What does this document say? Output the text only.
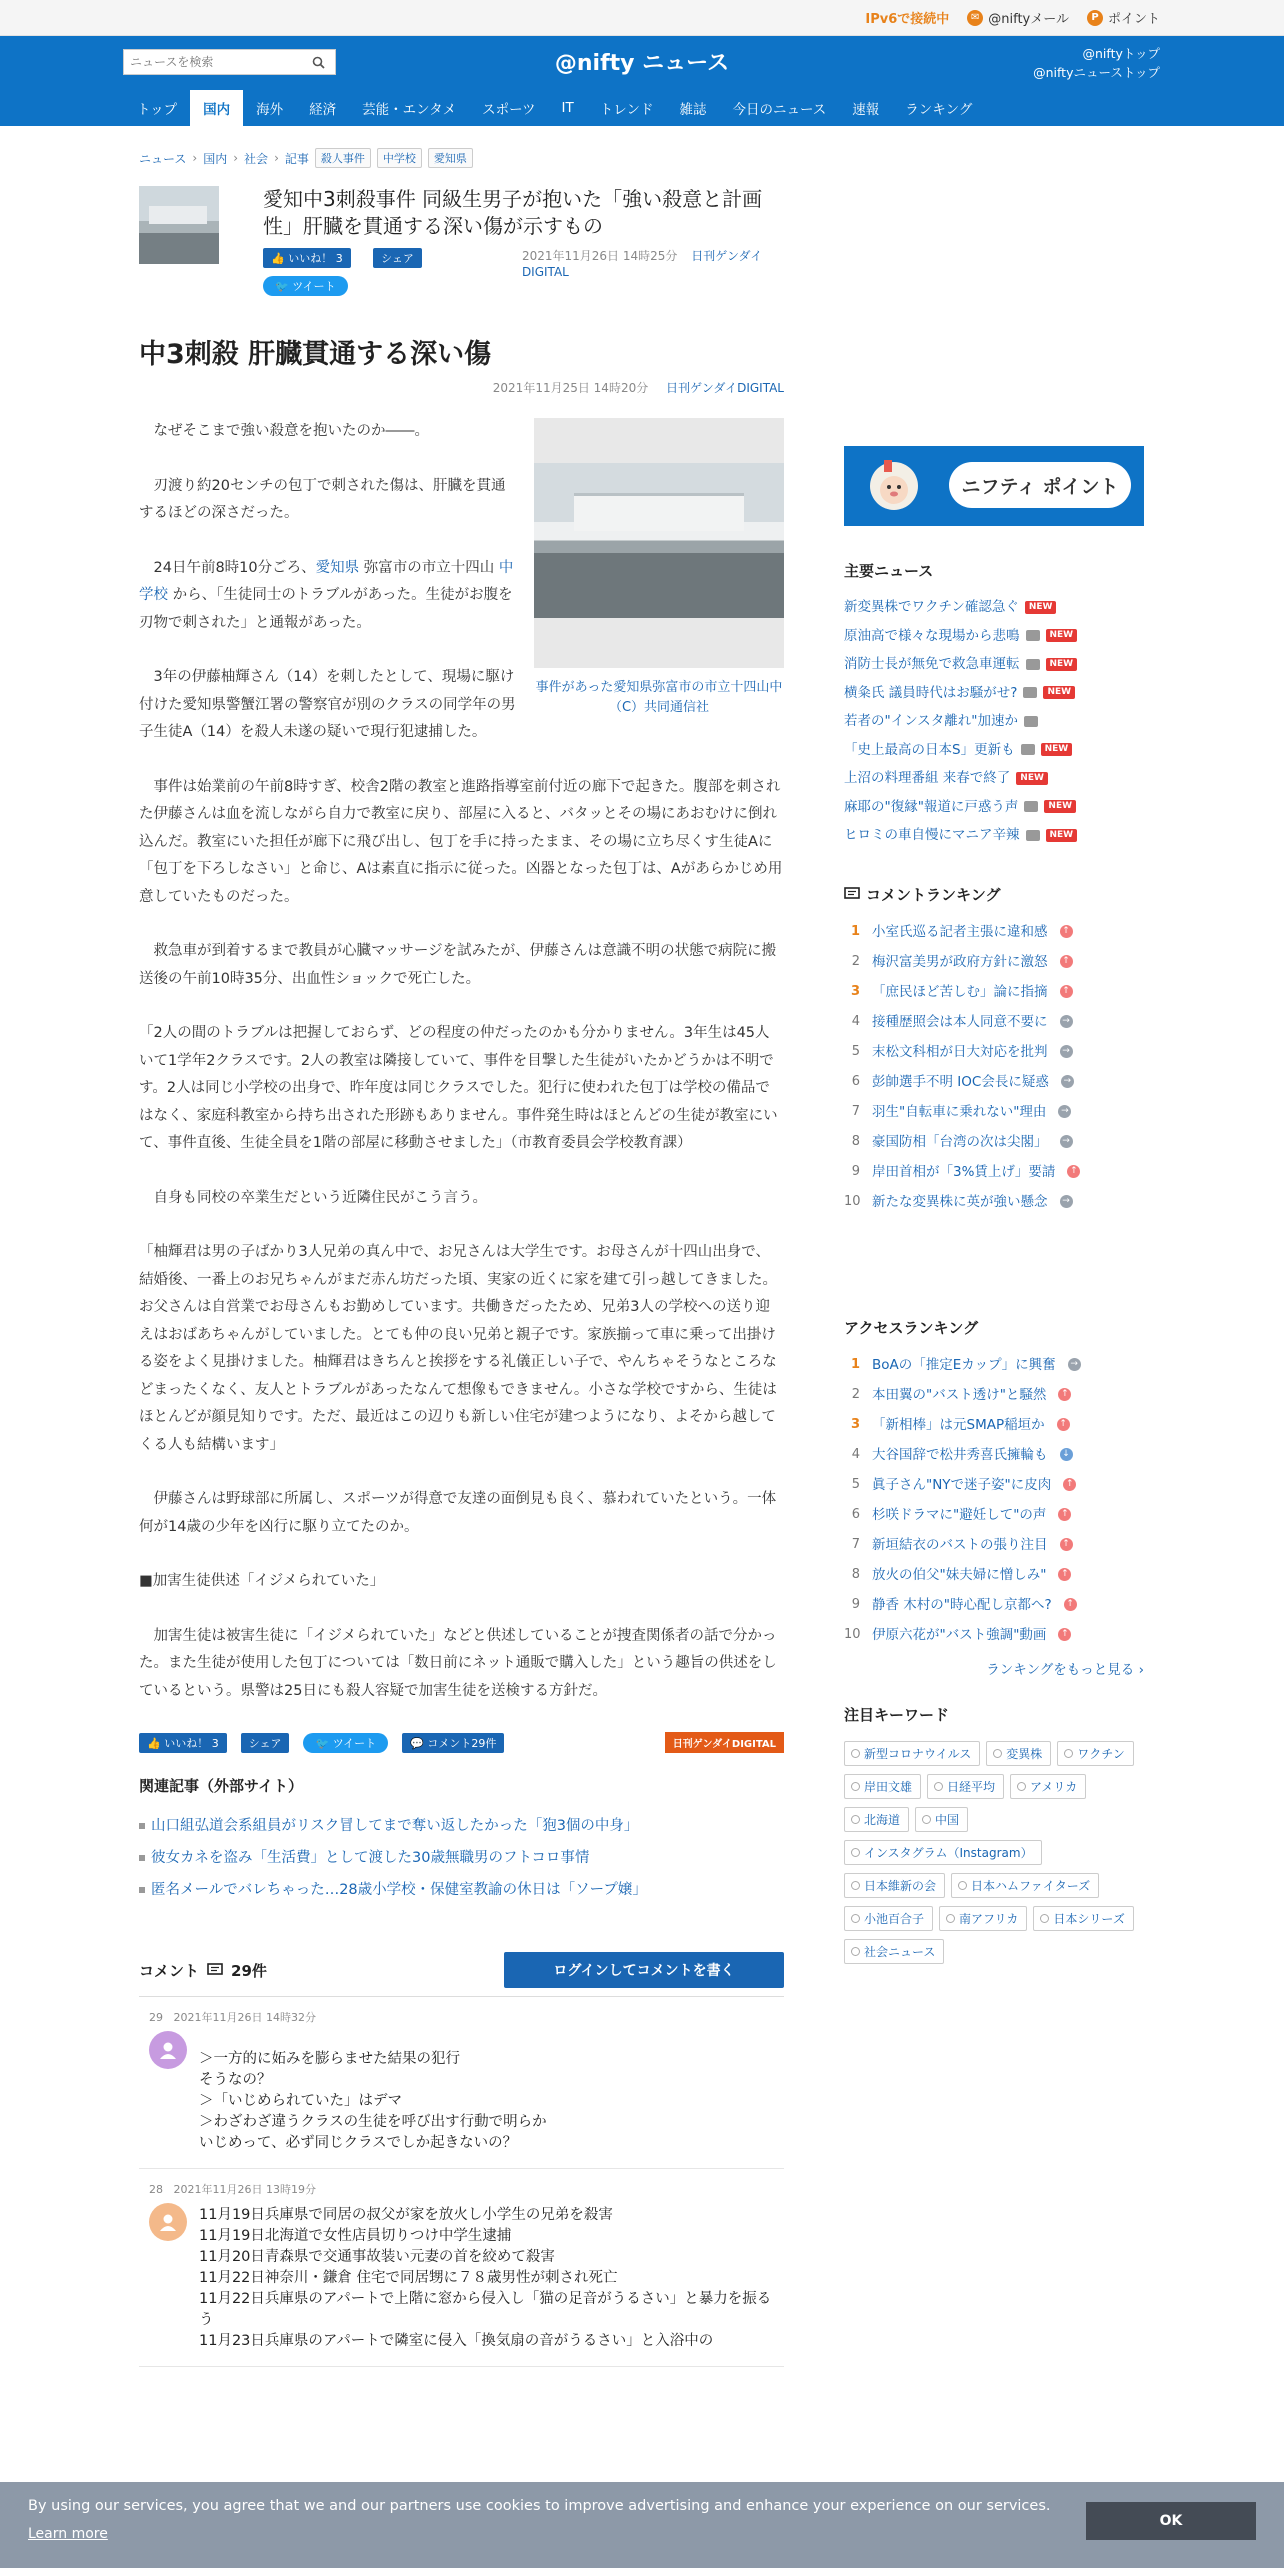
IPv6で接続中	✉ @niftyメール	P ポイント
ニュースを検索
@nifty ニュース	@niftyトップ
@niftyニューストップ
トップ	国内	海外	経済	芸能・エンタメ	スポーツ	IT	トレンド	雑誌	今日のニュース	速報	ランキング
ニュース › 国内 › 社会 › 記事	殺人事件	中学校	愛知県
愛知中3刺殺事件 同級生男子が抱いた「強い殺意と計画性」肝臓を貫通する深い傷が示すもの
👍 いいね！ 3	シェア
🐦 ツイート
2021年11月26日 14時25分 日刊ゲンダイDIGITAL
中3刺殺 肝臓貫通する深い傷
2021年11月25日 14時20分 日刊ゲンダイDIGITAL
事件があった愛知県弥富市の市立十四山中（C）共同通信社

 なぜそこまで強い殺意を抱いたのか――。

 刃渡り約20センチの包丁で刺された傷は、肝臓を貫通するほどの深さだった。

 24日午前8時10分ごろ、愛知県 弥富市の市立十四山 中学校 から、「生徒同士のトラブルがあった。生徒がお腹を刃物で刺された」と通報があった。

 3年の伊藤柚輝さん（14）を刺したとして、現場に駆け付けた愛知県警蟹江署の警察官が別のクラスの同学年の男子生徒A（14）を殺人未遂の疑いで現行犯逮捕した。

 事件は始業前の午前8時すぎ、校舎2階の教室と進路指導室前付近の廊下で起きた。腹部を刺された伊藤さんは血を流しながら自力で教室に戻り、部屋に入ると、バタッとその場にあおむけに倒れ込んだ。教室にいた担任が廊下に飛び出し、包丁を手に持ったまま、その場に立ち尽くす生徒Aに「包丁を下ろしなさい」と命じ、Aは素直に指示に従った。凶器となった包丁は、Aがあらかじめ用意していたものだった。

 救急車が到着するまで教員が心臓マッサージを試みたが、伊藤さんは意識不明の状態で病院に搬送後の午前10時35分、出血性ショックで死亡した。

「2人の間のトラブルは把握しておらず、どの程度の仲だったのかも分かりません。3年生は45人いて1学年2クラスです。2人の教室は隣接していて、事件を目撃した生徒がいたかどうかは不明です。2人は同じ小学校の出身で、昨年度は同じクラスでした。犯行に使われた包丁は学校の備品ではなく、家庭科教室から持ち出された形跡もありません。事件発生時はほとんどの生徒が教室にいて、事件直後、生徒全員を1階の部屋に移動させました」（市教育委員会学校教育課）

 自身も同校の卒業生だという近隣住民がこう言う。

「柚輝君は男の子ばかり3人兄弟の真ん中で、お兄さんは大学生です。お母さんが十四山出身で、結婚後、一番上のお兄ちゃんがまだ赤ん坊だった頃、実家の近くに家を建て引っ越してきました。お父さんは自営業でお母さんもお勤めしています。共働きだったため、兄弟3人の学校への送り迎えはおばあちゃんがしていました。とても仲の良い兄弟と親子です。家族揃って車に乗って出掛ける姿をよく見掛けました。柚輝君はきちんと挨拶をする礼儀正しい子で、やんちゃそうなところなどまったくなく、友人とトラブルがあったなんて想像もできません。小さな学校ですから、生徒はほとんどが顔見知りです。ただ、最近はこの辺りも新しい住宅が建つようになり、よそから越してくる人も結構います」

 伊藤さんは野球部に所属し、スポーツが得意で友達の面倒見も良く、慕われていたという。一体何が14歳の少年を凶行に駆り立てたのか。

■加害生徒供述「イジメられていた」

 加害生徒は被害生徒に「イジメられていた」などと供述していることが捜査関係者の話で分かった。また生徒が使用した包丁については「数日前にネット通販で購入した」という趣旨の供述をしているという。県警は25日にも殺人容疑で加害生徒を送検する方針だ。

👍 いいね！ 3	シェア	🐦 ツイート	💬 コメント29件	日刊ゲンダイDIGITAL
関連記事（外部サイト）
山口組弘道会系組員がリスク冒してまで奪い返したかった「狍3個の中身」
彼女カネを盗み「生活費」として渡した30歳無職男のフトコロ事情
匿名メールでバレちゃった…28歳小学校・保健室教諭の休日は「ソープ嬢」
コメント 29件	ログインしてコメントを書く
29 2021年11月26日 14時32分
＞一方的に妬みを膨らませた結果の犯行
そうなの？
＞「いじめられていた」はデマ
＞わざわざ違うクラスの生徒を呼び出す行動で明らか
いじめって、必ず同じクラスでしか起きないの？
28 2021年11月26日 13時19分
11月19日兵庫県で同居の叔父が家を放火し小学生の兄弟を殺害
11月19日北海道で女性店員切りつけ中学生逮捕
11月20日青森県で交通事故装い元妻の首を絞めて殺害
11月22日神奈川・鎌倉 住宅で同居甥に７８歳男性が刺され死亡
11月22日兵庫県のアパートで上階に窓から侵入し「猫の足音がうるさい」と暴力を振るう
11月23日兵庫県のアパートで隣室に侵入「換気扇の音がうるさい」と入浴中の
ニフティ ポイント
主要ニュース
新変異株でワクチン確認急ぐ	NEW
原油高で様々な現場から悲鳴	NEW
消防士長が無免で救急車運転	NEW
横粂氏 議員時代はお騒がせ?	NEW
若者の"インスタ離れ"加速か
「史上最高の日本S」更新も	NEW
上沼の料理番組 来春で終了	NEW
麻耶の"復縁"報道に戸惑う声	NEW
ヒロミの車自慢にマニア辛辣	NEW
コメントランキング
1 小室氏巡る記者主張に違和感	↑
2 梅沢富美男が政府方針に激怒	↑
3 「庶民ほど苦しむ」論に指摘	↑
4 接種歴照会は本人同意不要に	→
5 末松文科相が日大対応を批判	→
6 彭帥選手不明 IOC会長に疑惑	→
7 羽生"自転車に乗れない"理由	→
8 豪国防相「台湾の次は尖閣」	→
9 岸田首相が「3%賃上げ」要請	↑
10 新たな変異株に英が強い懸念	→
アクセスランキング
1 BoAの「推定Eカップ」に興奮	→
2 本田翼の"バスト透け"と騒然	↑
3 「新相棒」は元SMAP稲垣か	↑
4 大谷国辞で松井秀喜氏擁輪も	↓
5 眞子さん"NYで迷子姿"に皮肉	↑
6 杉咲ドラマに"避妊して"の声	↑
7 新垣結衣のバストの張り注目	↑
8 放火の伯父"妹夫婦に憎しみ"	↑
9 静香 木村の"時心配し京都へ?	↑
10 伊原六花が"バスト強調"動画	↑
ランキングをもっと見る ›
注目キーワード
新型コロナウイルス	変異株	ワクチン
岸田文雄	日経平均	アメリカ
北海道	中国
インスタグラム（Instagram）
日本維新の会	日本ハムファイターズ
小池百合子	南アフリカ	日本シリーズ
社会ニュース
By using our services, you agree that we and our partners use cookies to improve advertising and enhance your experience on our services.
Learn more
OK
